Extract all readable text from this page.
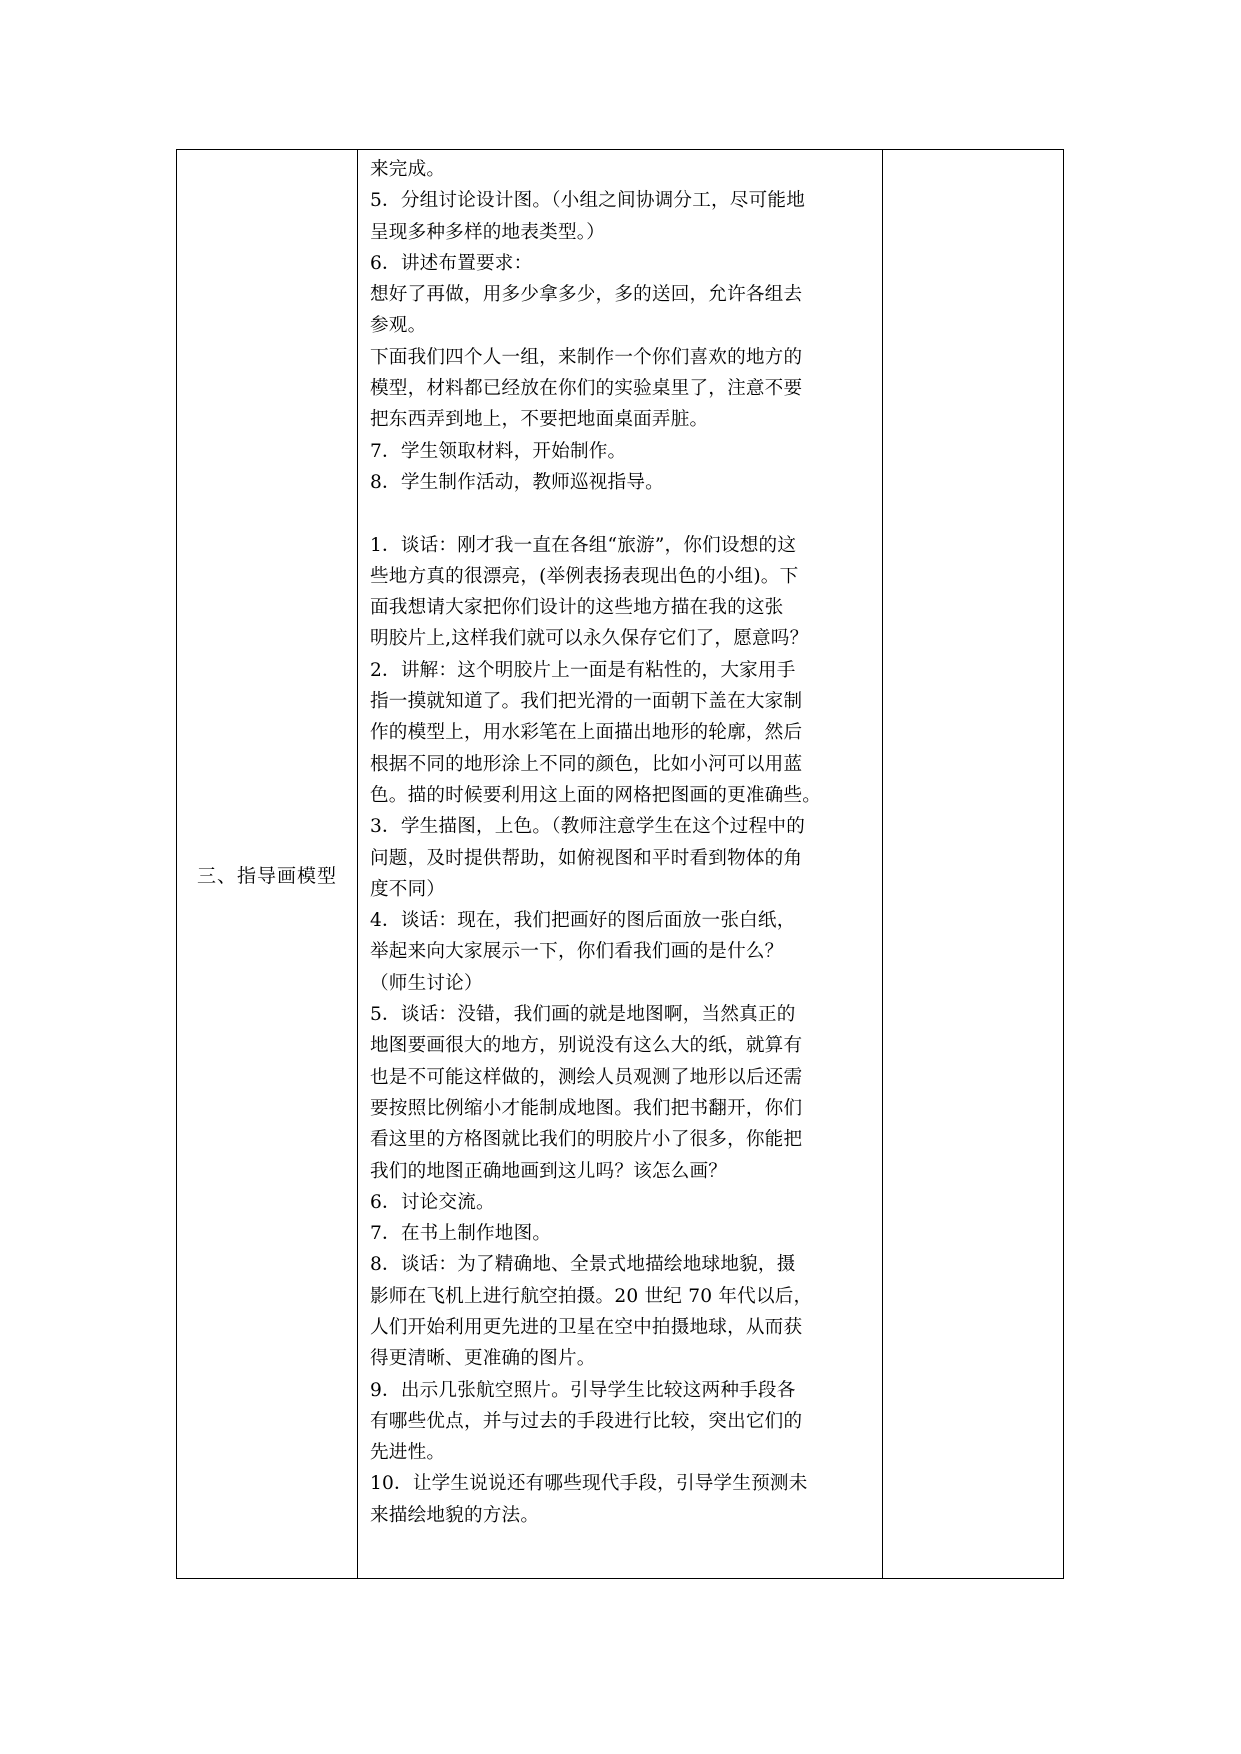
三、指导画模型
来完成。
5．分组讨论设计图。（小组之间协调分工，尽可能地
呈现多种多样的地表类型。）
6．讲述布置要求：
想好了再做，用多少拿多少，多的送回，允许各组去
参观。
下面我们四个人一组，来制作一个你们喜欢的地方的
模型，材料都已经放在你们的实验桌里了，注意不要
把东西弄到地上，不要把地面桌面弄脏。
7．学生领取材料，开始制作。
8．学生制作活动，教师巡视指导。
1．谈话：刚才我一直在各组“旅游”，你们设想的这
些地方真的很漂亮，(举例表扬表现出色的小组)。下
面我想请大家把你们设计的这些地方描在我的这张
明胶片上,这样我们就可以永久保存它们了，愿意吗？
2．讲解：这个明胶片上一面是有粘性的，大家用手
指一摸就知道了。我们把光滑的一面朝下盖在大家制
作的模型上，用水彩笔在上面描出地形的轮廓，然后
根据不同的地形涂上不同的颜色，比如小河可以用蓝
色。描的时候要利用这上面的网格把图画的更准确些。
3．学生描图，上色。（教师注意学生在这个过程中的
问题，及时提供帮助，如俯视图和平时看到物体的角
度不同）
4．谈话：现在，我们把画好的图后面放一张白纸，
举起来向大家展示一下，你们看我们画的是什么？
（师生讨论）
5．谈话：没错，我们画的就是地图啊，当然真正的
地图要画很大的地方，别说没有这么大的纸，就算有
也是不可能这样做的，测绘人员观测了地形以后还需
要按照比例缩小才能制成地图。我们把书翻开，你们
看这里的方格图就比我们的明胶片小了很多，你能把
我们的地图正确地画到这儿吗？该怎么画？
6．讨论交流。
7．在书上制作地图。
8．谈话：为了精确地、全景式地描绘地球地貌，摄
影师在飞机上进行航空拍摄。20 世纪 70 年代以后，
人们开始利用更先进的卫星在空中拍摄地球，从而获
得更清晰、更准确的图片。
9．出示几张航空照片。引导学生比较这两种手段各
有哪些优点，并与过去的手段进行比较，突出它们的
先进性。
10．让学生说说还有哪些现代手段，引导学生预测未
来描绘地貌的方法。
